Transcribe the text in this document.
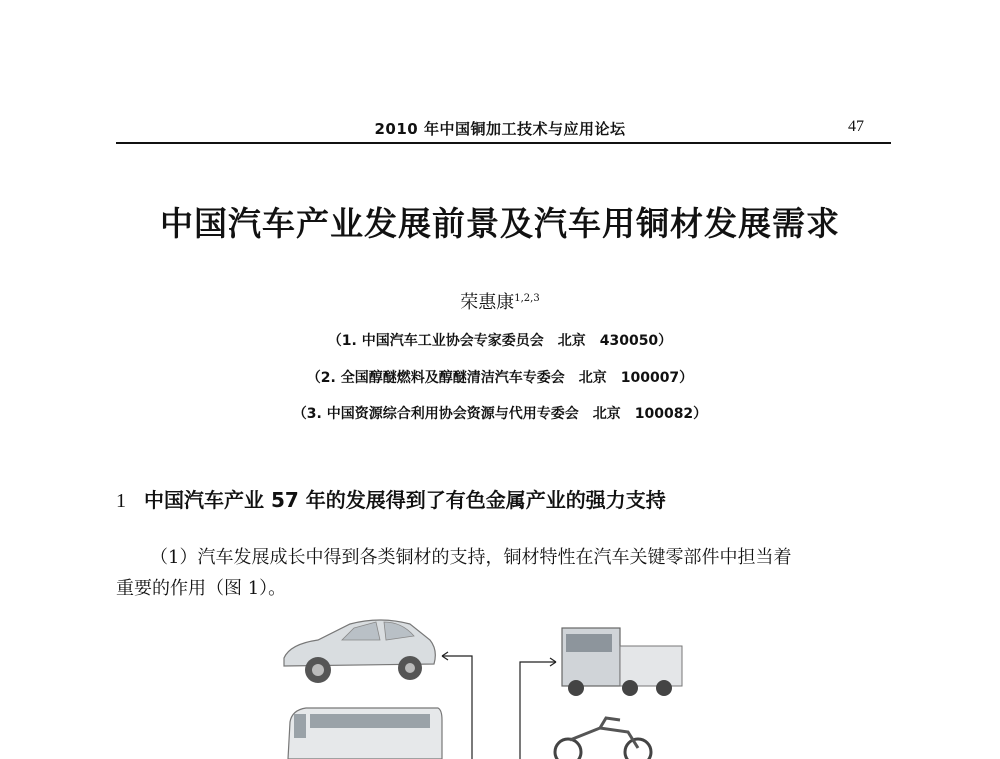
2010 年中国铜加工技术与应用论坛	47
中国汽车产业发展前景及汽车用铜材发展需求
荣惠康$^{1,2,3}$
（1. 中国汽车工业协会专家委员会　北京　430050）
（2. 全国醇醚燃料及醇醚清洁汽车专委会　北京　100007）
（3. 中国资源综合利用协会资源与代用专委会　北京　100082）
1 中国汽车产业 57 年的发展得到了有色金属产业的强力支持
（1）汽车发展成长中得到各类铜材的支持，铜材特性在汽车关键零部件中担当着
重要的作用（图 1）。
